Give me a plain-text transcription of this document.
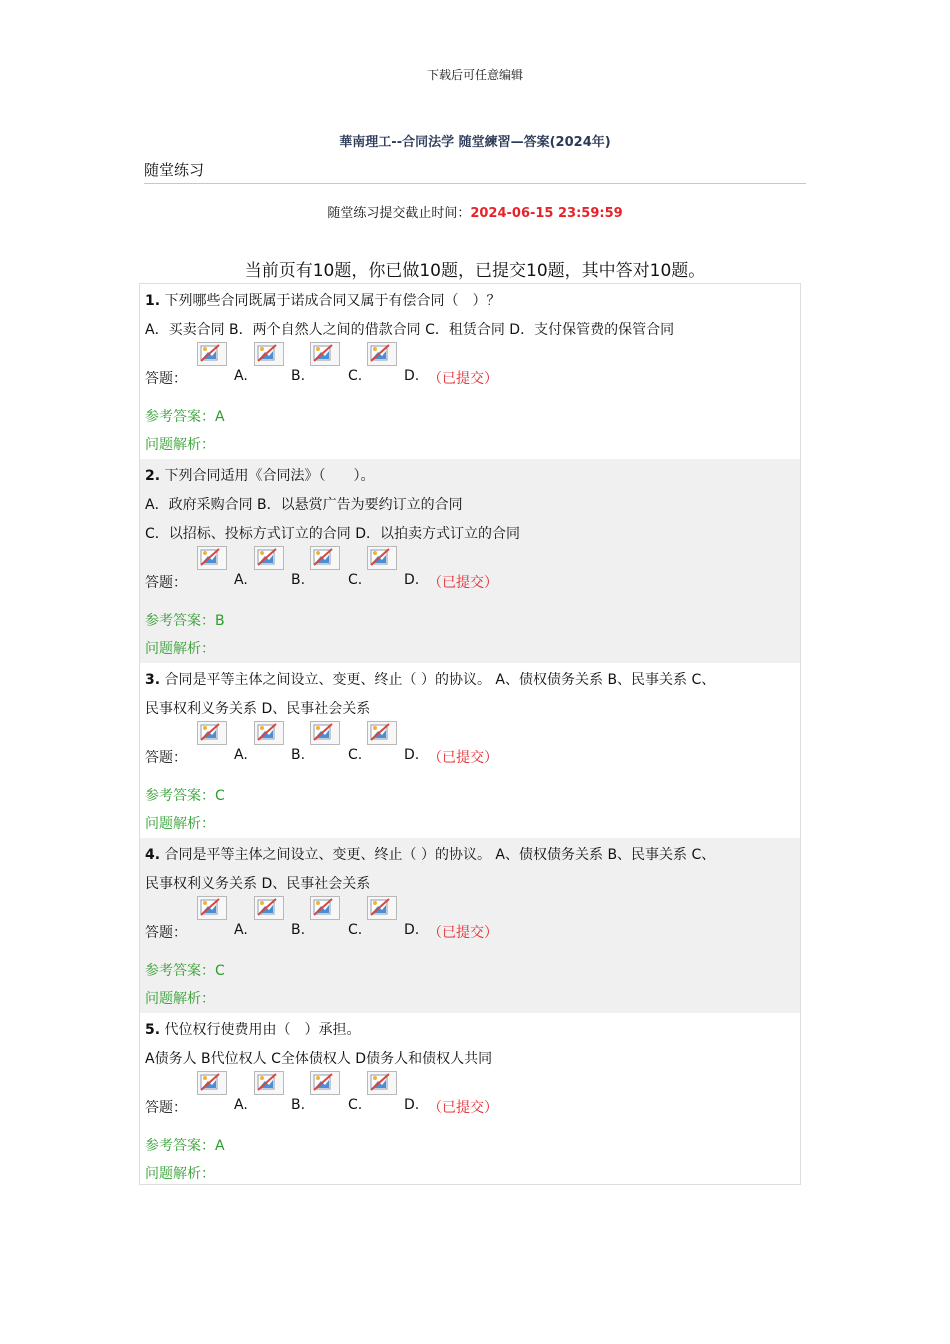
下载后可任意编辑
華南理工--合同法学 随堂練習—答案(2024年)
随堂练习
随堂练习提交截止时间：2024-06-15 23:59:59
当前页有10题，你已做10题，已提交10题，其中答对10题。
1. 下列哪些合同既属于诺成合同又属于有偿合同（　）？
A．买卖合同 B．两个自然人之间的借款合同 C．租赁合同 D．支付保管费的保管合同
答题：	A.	B.	C.	D. （已提交）
参考答案：A
问题解析：
2. 下列合同适用《合同法》（　　）。
A．政府采购合同 B．以悬赏广告为要约订立的合同
C．以招标、投标方式订立的合同 D．以拍卖方式订立的合同
答题：	A.	B.	C.	D. （已提交）
参考答案：B
问题解析：
3. 合同是平等主体之间设立、变更、终止（ ）的协议。 A、债权债务关系 B、民事关系 C、
民事权利义务关系 D、民事社会关系
答题：	A.	B.	C.	D. （已提交）
参考答案：C
问题解析：
4. 合同是平等主体之间设立、变更、终止（ ）的协议。 A、债权债务关系 B、民事关系 C、
民事权利义务关系 D、民事社会关系
答题：	A.	B.	C.	D. （已提交）
参考答案：C
问题解析：
5. 代位权行使费用由（　）承担。
A债务人 B代位权人 C全体债权人 D债务人和债权人共同
答题：	A.	B.	C.	D. （已提交）
参考答案：A
问题解析：
